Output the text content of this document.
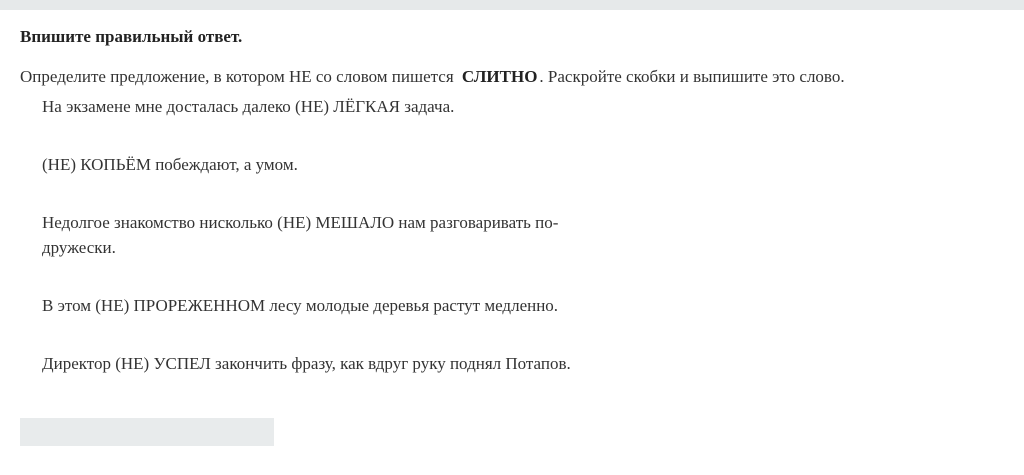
Впишите правильный ответ.
Определите предложение, в котором НЕ со словом пишется СЛИТНО . Раскройте скобки и выпишите это слово.
На экзамене мне досталась далеко (НЕ) ЛЁГКАЯ задача.
(НЕ) КОПЬЁМ побеждают, а умом.
Недолгое знакомство нисколько (НЕ) МЕШАЛО нам разговаривать по-дружески.
В этом (НЕ) ПРОРЕЖЕННОМ лесу молодые деревья растут медленно.
Директор (НЕ) УСПЕЛ закончить фразу, как вдруг руку поднял Потапов.
